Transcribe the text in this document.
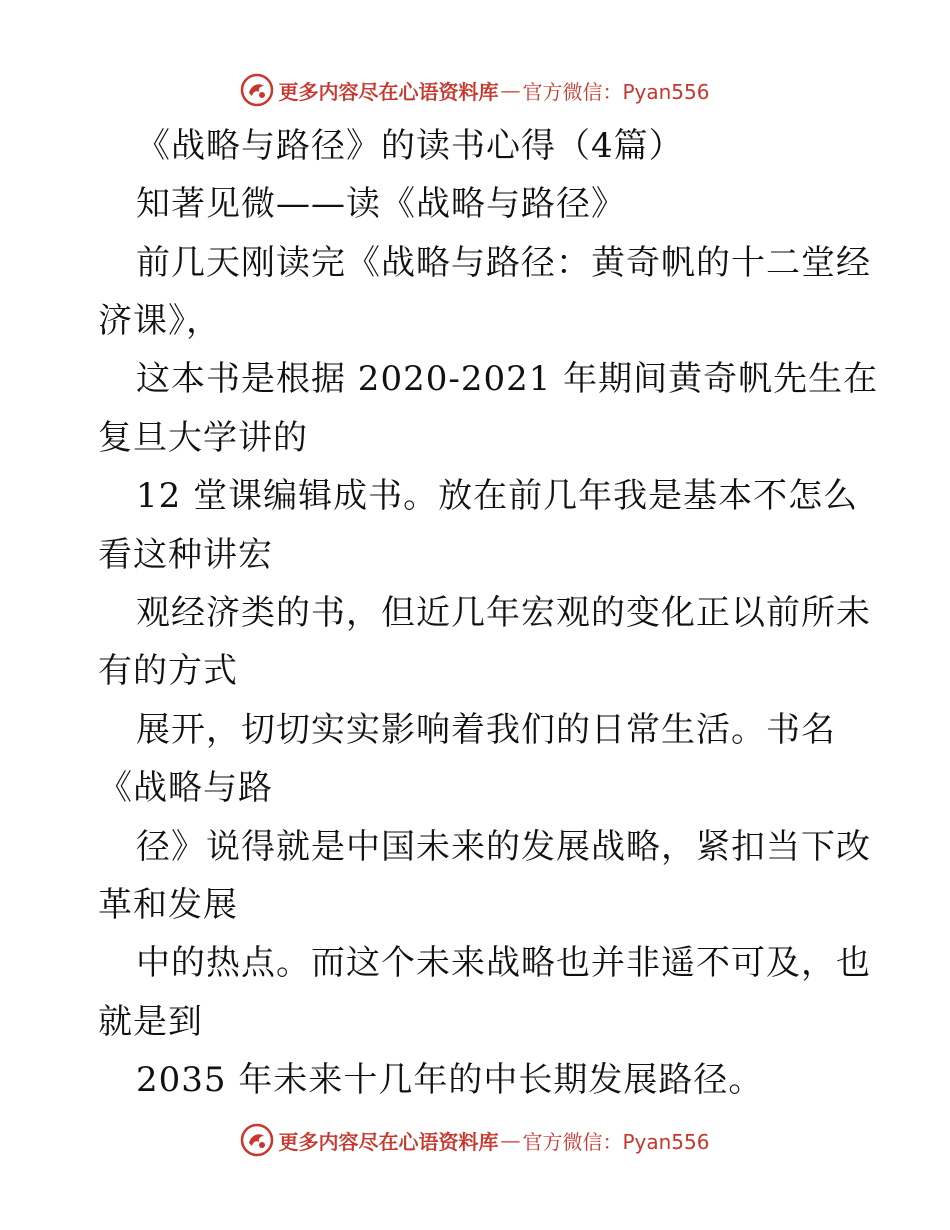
更多内容尽在心语资料库 — 官方微信：Pyan556
《战略与路径》的读书心得（4篇）
知著见微——读《战略与路径》
前几天刚读完《战略与路径：黄奇帆的十二堂经
济课》，
这本书是根据 2020-2021 年期间黄奇帆先生在
复旦大学讲的
12 堂课编辑成书。放在前几年我是基本不怎么
看这种讲宏
观经济类的书，但近几年宏观的变化正以前所未
有的方式
展开，切切实实影响着我们的日常生活。书名
《战略与路
径》说得就是中国未来的发展战略，紧扣当下改
革和发展
中的热点。而这个未来战略也并非遥不可及，也
就是到
2035 年未来十几年的中长期发展路径。
更多内容尽在心语资料库 — 官方微信：Pyan556
